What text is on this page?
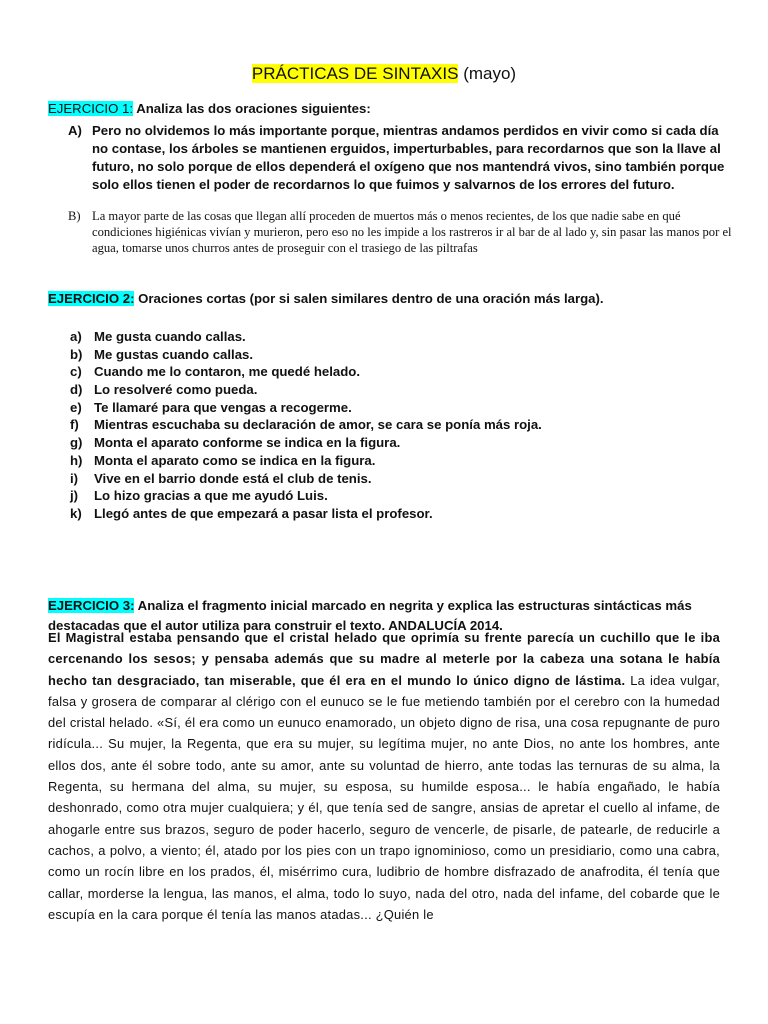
PRÁCTICAS DE SINTAXIS (mayo)
EJERCICIO 1: Analiza las dos oraciones siguientes:
A) Pero no olvidemos lo más importante porque, mientras andamos perdidos en vivir como si cada día no contase, los árboles se mantienen erguidos, imperturbables, para recordarnos que son la llave al futuro, no solo porque de ellos dependerá el oxígeno que nos mantendrá vivos, sino también porque solo ellos tienen el poder de recordarnos lo que fuimos y salvarnos de los errores del futuro.
B) La mayor parte de las cosas que llegan allí proceden de muertos más o menos recientes, de los que nadie sabe en qué condiciones higiénicas vivían y murieron, pero eso no les impide a los rastreros ir al bar de al lado y, sin pasar las manos por el agua, tomarse unos churros antes de proseguir con el trasiego de las piltrafas
EJERCICIO 2: Oraciones cortas (por si salen similares dentro de una oración más larga).
a) Me gusta cuando callas.
b) Me gustas cuando callas.
c) Cuando me lo contaron, me quedé helado.
d) Lo resolveré como pueda.
e) Te llamaré para que vengas a recogerme.
f) Mientras escuchaba su declaración de amor, se cara se ponía más roja.
g) Monta el aparato conforme se indica en la figura.
h) Monta el aparato como se indica en la figura.
i) Vive en el barrio donde está el club de tenis.
j) Lo hizo gracias a que me ayudó Luis.
k) Llegó antes de que empezará a pasar lista el profesor.
EJERCICIO 3: Analiza el fragmento inicial marcado en negrita y explica las estructuras sintácticas más destacadas que el autor utiliza para construir el texto. ANDALUCÍA 2014.
El Magistral estaba pensando que el cristal helado que oprimía su frente parecía un cuchillo que le iba cercenando los sesos; y pensaba además que su madre al meterle por la cabeza una sotana le había hecho tan desgraciado, tan miserable, que él era en el mundo lo único digno de lástima. La idea vulgar, falsa y grosera de comparar al clérigo con el eunuco se le fue metiendo también por el cerebro con la humedad del cristal helado. «Sí, él era como un eunuco enamorado, un objeto digno de risa, una cosa repugnante de puro ridícula... Su mujer, la Regenta, que era su mujer, su legítima mujer, no ante Dios, no ante los hombres, ante ellos dos, ante él sobre todo, ante su amor, ante su voluntad de hierro, ante todas las ternuras de su alma, la Regenta, su hermana del alma, su mujer, su esposa, su humilde esposa... le había engañado, le había deshonrado, como otra mujer cualquiera; y él, que tenía sed de sangre, ansias de apretar el cuello al infame, de ahogarle entre sus brazos, seguro de poder hacerlo, seguro de vencerle, de pisarle, de patearle, de reducirle a cachos, a polvo, a viento; él, atado por los pies con un trapo ignominioso, como un presidiario, como una cabra, como un rocín libre en los prados, él, misérrimo cura, ludibrio de hombre disfrazado de anafrodita, él tenía que callar, morderse la lengua, las manos, el alma, todo lo suyo, nada del otro, nada del infame, del cobarde que le escupía en la cara porque él tenía las manos atadas... ¿Quién le
